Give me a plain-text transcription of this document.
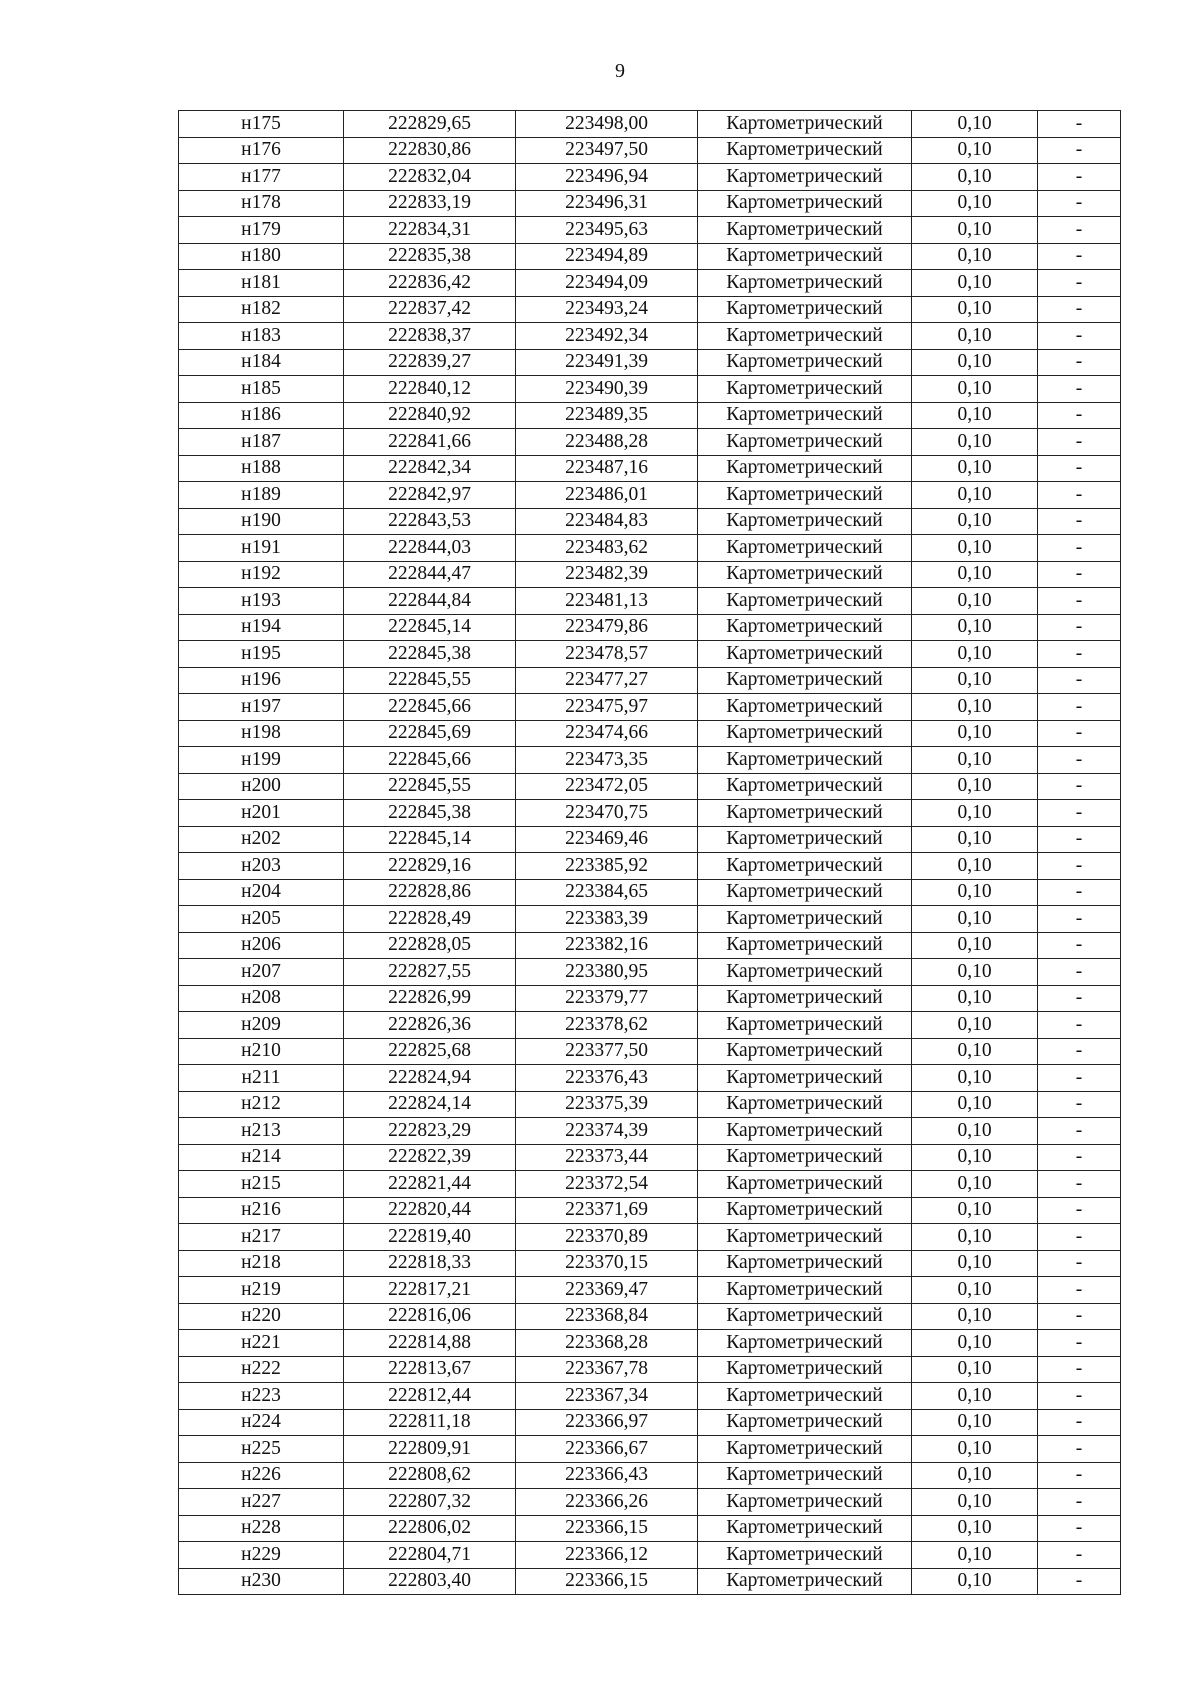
9
н175	222829,65	223498,00	Картометрический	0,10	-
н176	222830,86	223497,50	Картометрический	0,10	-
н177	222832,04	223496,94	Картометрический	0,10	-
н178	222833,19	223496,31	Картометрический	0,10	-
н179	222834,31	223495,63	Картометрический	0,10	-
н180	222835,38	223494,89	Картометрический	0,10	-
н181	222836,42	223494,09	Картометрический	0,10	-
н182	222837,42	223493,24	Картометрический	0,10	-
н183	222838,37	223492,34	Картометрический	0,10	-
н184	222839,27	223491,39	Картометрический	0,10	-
н185	222840,12	223490,39	Картометрический	0,10	-
н186	222840,92	223489,35	Картометрический	0,10	-
н187	222841,66	223488,28	Картометрический	0,10	-
н188	222842,34	223487,16	Картометрический	0,10	-
н189	222842,97	223486,01	Картометрический	0,10	-
н190	222843,53	223484,83	Картометрический	0,10	-
н191	222844,03	223483,62	Картометрический	0,10	-
н192	222844,47	223482,39	Картометрический	0,10	-
н193	222844,84	223481,13	Картометрический	0,10	-
н194	222845,14	223479,86	Картометрический	0,10	-
н195	222845,38	223478,57	Картометрический	0,10	-
н196	222845,55	223477,27	Картометрический	0,10	-
н197	222845,66	223475,97	Картометрический	0,10	-
н198	222845,69	223474,66	Картометрический	0,10	-
н199	222845,66	223473,35	Картометрический	0,10	-
н200	222845,55	223472,05	Картометрический	0,10	-
н201	222845,38	223470,75	Картометрический	0,10	-
н202	222845,14	223469,46	Картометрический	0,10	-
н203	222829,16	223385,92	Картометрический	0,10	-
н204	222828,86	223384,65	Картометрический	0,10	-
н205	222828,49	223383,39	Картометрический	0,10	-
н206	222828,05	223382,16	Картометрический	0,10	-
н207	222827,55	223380,95	Картометрический	0,10	-
н208	222826,99	223379,77	Картометрический	0,10	-
н209	222826,36	223378,62	Картометрический	0,10	-
н210	222825,68	223377,50	Картометрический	0,10	-
н211	222824,94	223376,43	Картометрический	0,10	-
н212	222824,14	223375,39	Картометрический	0,10	-
н213	222823,29	223374,39	Картометрический	0,10	-
н214	222822,39	223373,44	Картометрический	0,10	-
н215	222821,44	223372,54	Картометрический	0,10	-
н216	222820,44	223371,69	Картометрический	0,10	-
н217	222819,40	223370,89	Картометрический	0,10	-
н218	222818,33	223370,15	Картометрический	0,10	-
н219	222817,21	223369,47	Картометрический	0,10	-
н220	222816,06	223368,84	Картометрический	0,10	-
н221	222814,88	223368,28	Картометрический	0,10	-
н222	222813,67	223367,78	Картометрический	0,10	-
н223	222812,44	223367,34	Картометрический	0,10	-
н224	222811,18	223366,97	Картометрический	0,10	-
н225	222809,91	223366,67	Картометрический	0,10	-
н226	222808,62	223366,43	Картометрический	0,10	-
н227	222807,32	223366,26	Картометрический	0,10	-
н228	222806,02	223366,15	Картометрический	0,10	-
н229	222804,71	223366,12	Картометрический	0,10	-
н230	222803,40	223366,15	Картометрический	0,10	-
